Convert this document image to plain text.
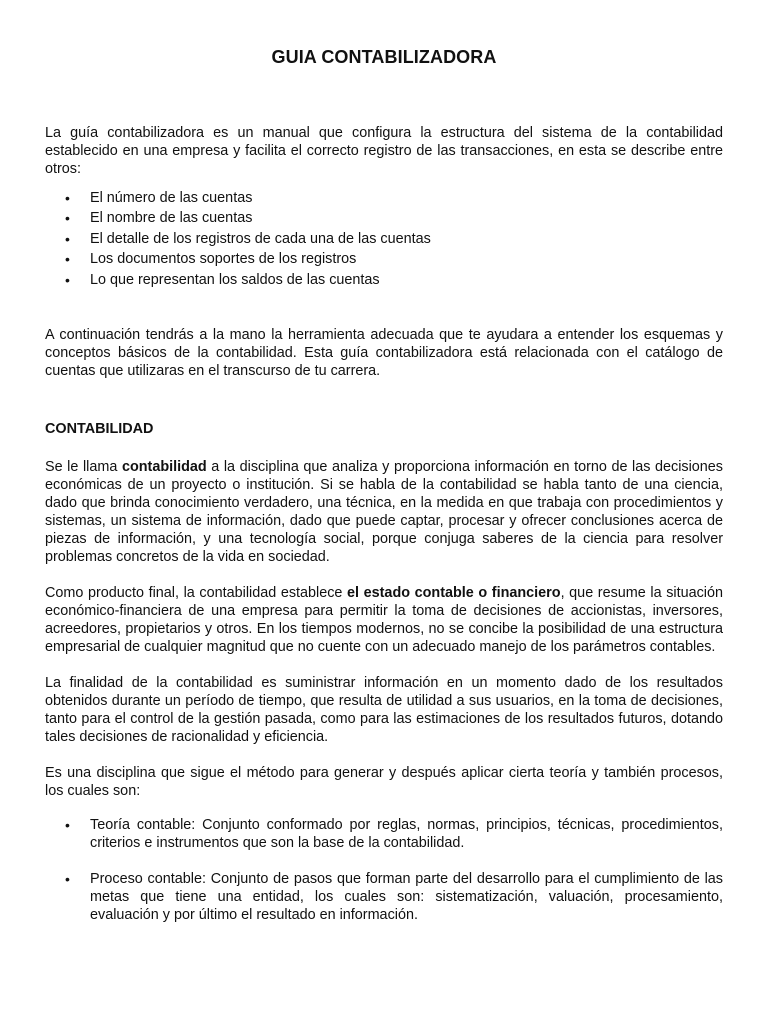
GUIA CONTABILIZADORA

La guía contabilizadora es un manual que configura la estructura del sistema de la contabilidad establecido en una empresa y facilita el correcto registro de las transacciones, en esta se describe entre otros:

• El número de las cuentas
• El nombre de las cuentas
• El detalle de los registros de cada una de las cuentas
• Los documentos soportes de los registros
• Lo que representan los saldos de las cuentas

A continuación tendrás a la mano la herramienta adecuada que te ayudara a entender los esquemas y conceptos básicos de la contabilidad. Esta guía contabilizadora está relacionada con el catálogo de cuentas que utilizaras en el transcurso de tu carrera.

CONTABILIDAD

Se le llama contabilidad a la disciplina que analiza y proporciona información en torno de las decisiones económicas de un proyecto o institución. Si se habla de la contabilidad se habla tanto de una ciencia, dado que brinda conocimiento verdadero, una técnica, en la medida en que trabaja con procedimientos y sistemas, un sistema de información, dado que puede captar, procesar y ofrecer conclusiones acerca de piezas de información, y una tecnología social, porque conjuga saberes de la ciencia para resolver problemas concretos de la vida en sociedad.

Como producto final, la contabilidad establece el estado contable o financiero, que resume la situación económico-financiera de una empresa para permitir la toma de decisiones de accionistas, inversores, acreedores, propietarios y otros. En los tiempos modernos, no se concibe la posibilidad de una estructura empresarial de cualquier magnitud que no cuente con un adecuado manejo de los parámetros contables.

La finalidad de la contabilidad es suministrar información en un momento dado de los resultados obtenidos durante un período de tiempo, que resulta de utilidad a sus usuarios, en la toma de decisiones, tanto para el control de la gestión pasada, como para las estimaciones de los resultados futuros, dotando tales decisiones de racionalidad y eficiencia.

Es una disciplina que sigue el método para generar y después aplicar cierta teoría y también procesos, los cuales son:

• Teoría contable: Conjunto conformado por reglas, normas, principios, técnicas, procedimientos, criterios e instrumentos que son la base de la contabilidad.
• Proceso contable: Conjunto de pasos que forman parte del desarrollo para el cumplimiento de las metas que tiene una entidad, los cuales son: sistematización, valuación, procesamiento, evaluación y por último el resultado en información.
